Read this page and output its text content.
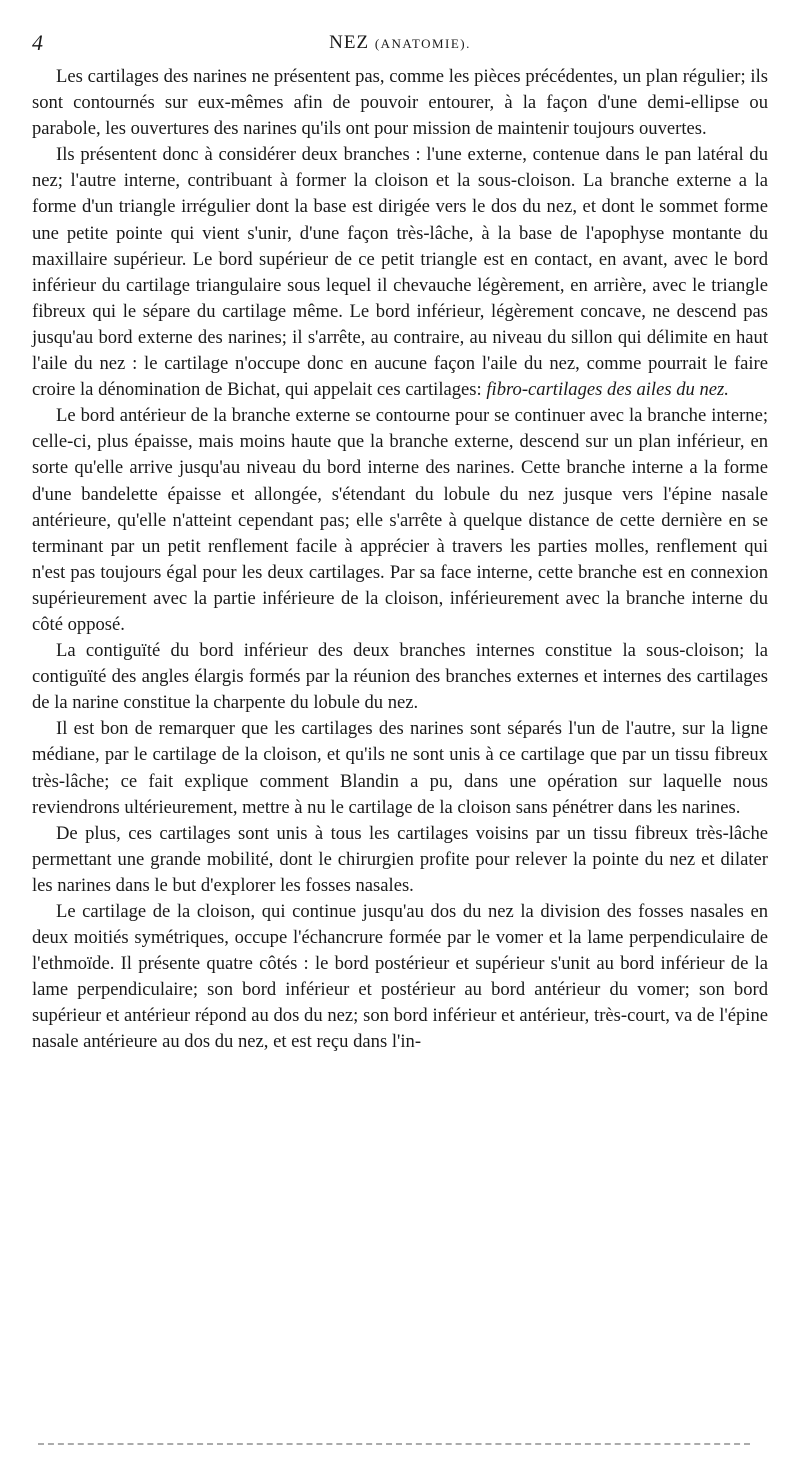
4	NEZ (ANATOMIE).

Les cartilages des narines ne présentent pas, comme les pièces précédentes, un plan régulier; ils sont contournés sur eux-mêmes afin de pouvoir entourer, à la façon d'une demi-ellipse ou parabole, les ouvertures des narines qu'ils ont pour mission de maintenir toujours ouvertes.

Ils présentent donc à considérer deux branches : l'une externe, contenue dans le pan latéral du nez; l'autre interne, contribuant à former la cloison et la sous-cloison. La branche externe a la forme d'un triangle irrégulier dont la base est dirigée vers le dos du nez, et dont le sommet forme une petite pointe qui vient s'unir, d'une façon très-lâche, à la base de l'apophyse montante du maxillaire supérieur. Le bord supérieur de ce petit triangle est en contact, en avant, avec le bord inférieur du cartilage triangulaire sous lequel il chevauche légèrement, en arrière, avec le triangle fibreux qui le sépare du cartilage même. Le bord inférieur, légèrement concave, ne descend pas jusqu'au bord externe des narines; il s'arrête, au contraire, au niveau du sillon qui délimite en haut l'aile du nez : le cartilage n'occupe donc en aucune façon l'aile du nez, comme pourrait le faire croire la dénomination de Bichat, qui appelait ces cartilages: fibro-cartilages des ailes du nez.

Le bord antérieur de la branche externe se contourne pour se continuer avec la branche interne; celle-ci, plus épaisse, mais moins haute que la branche externe, descend sur un plan inférieur, en sorte qu'elle arrive jusqu'au niveau du bord interne des narines. Cette branche interne a la forme d'une bandelette épaisse et allongée, s'étendant du lobule du nez jusque vers l'épine nasale antérieure, qu'elle n'atteint cependant pas; elle s'arrête à quelque distance de cette dernière en se terminant par un petit renflement facile à apprécier à travers les parties molles, renflement qui n'est pas toujours égal pour les deux cartilages. Par sa face interne, cette branche est en connexion supérieurement avec la partie inférieure de la cloison, inférieurement avec la branche interne du côté opposé.

La contiguïté du bord inférieur des deux branches internes constitue la sous-cloison; la contiguïté des angles élargis formés par la réunion des branches externes et internes des cartilages de la narine constitue la charpente du lobule du nez.

Il est bon de remarquer que les cartilages des narines sont séparés l'un de l'autre, sur la ligne médiane, par le cartilage de la cloison, et qu'ils ne sont unis à ce cartilage que par un tissu fibreux très-lâche; ce fait explique comment Blandin a pu, dans une opération sur laquelle nous reviendrons ultérieurement, mettre à nu le cartilage de la cloison sans pénétrer dans les narines.

De plus, ces cartilages sont unis à tous les cartilages voisins par un tissu fibreux très-lâche permettant une grande mobilité, dont le chirurgien profite pour relever la pointe du nez et dilater les narines dans le but d'explorer les fosses nasales.

Le cartilage de la cloison, qui continue jusqu'au dos du nez la division des fosses nasales en deux moitiés symétriques, occupe l'échancrure formée par le vomer et la lame perpendiculaire de l'ethmoïde. Il présente quatre côtés : le bord postérieur et supérieur s'unit au bord inférieur de la lame perpendiculaire; son bord inférieur et postérieur au bord antérieur du vomer; son bord supérieur et antérieur répond au dos du nez; son bord inférieur et antérieur, très-court, va de l'épine nasale antérieure au dos du nez, et est reçu dans l'in-
